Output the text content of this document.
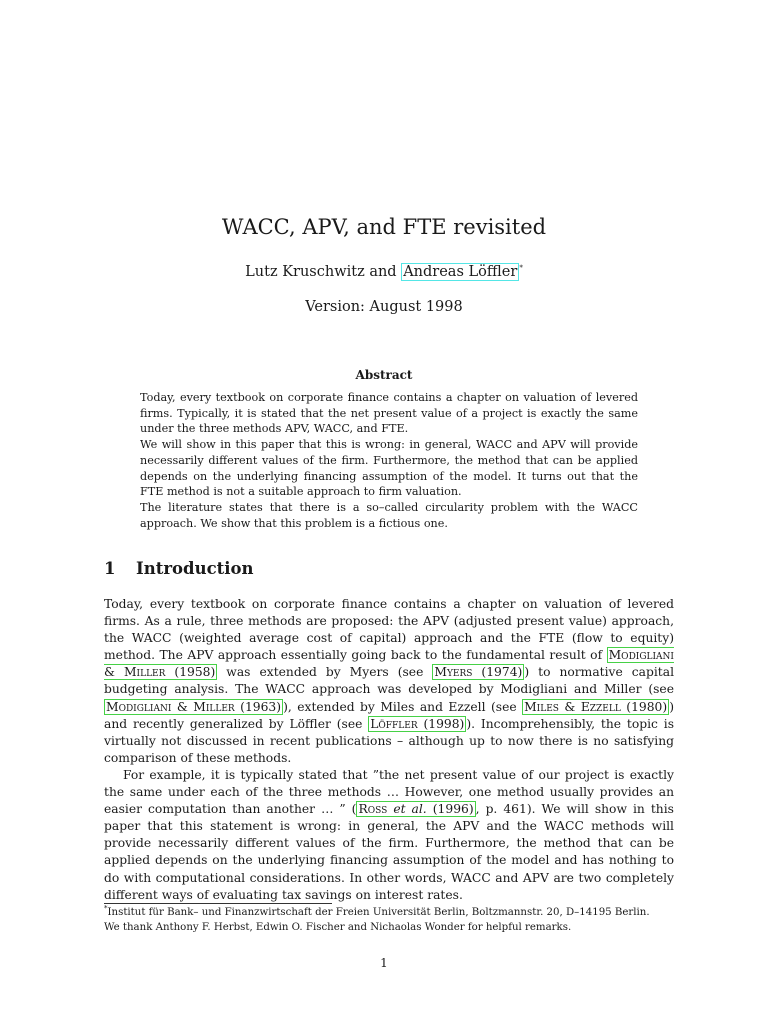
WACC, APV, and FTE revisited
Lutz Kruschwitz and Andreas Löffler *
Version: August 1998
Abstract

Today, every textbook on corporate finance contains a chapter on valuation of levered firms. Typically, it is stated that the net present value of a project is exactly the same under the three methods APV, WACC, and FTE.

We will show in this paper that this is wrong: in general, WACC and APV will provide necessarily different values of the firm. Furthermore, the method that can be applied depends on the underlying financing assumption of the model. It turns out that the FTE method is not a suitable approach to firm valuation.

The literature states that there is a so–called circularity problem with the WACC approach. We show that this problem is a fictious one.

1 Introduction

Today, every textbook on corporate finance contains a chapter on valuation of levered firms. As a rule, three methods are proposed: the APV (adjusted present value) approach, the WACC (weighted average cost of capital) approach and the FTE (flow to equity) method. The APV approach essentially going back to the fundamental result of Modigliani & Miller (1958) was extended by Myers (see Myers (1974) ) to normative capital budgeting analysis. The WACC approach was developed by Modigliani and Miller (see Modigliani & Miller (1963) ), extended by Miles and Ezzell (see Miles & Ezzell (1980) ) and recently generalized by Löffler (see Löffler (1998) ). Incomprehensibly, the topic is virtually not discussed in recent publications – although up to now there is no satisfying comparison of these methods.

For example, it is typically stated that ”the net present value of our project is exactly the same under each of the three methods … However, one method usually provides an easier computation than another … ” ( Ross et al. (1996) , p. 461). We will show in this paper that this statement is wrong: in general, the APV and the WACC methods will provide necessarily different values of the firm. Furthermore, the method that can be applied depends on the underlying financing assumption of the model and has nothing to do with computational considerations. In other words, WACC and APV are two completely different ways of evaluating tax savings on interest rates.

*Institut für Bank– und Finanzwirtschaft der Freien Universität Berlin, Boltzmannstr. 20, D–14195 Berlin.

We thank Anthony F. Herbst, Edwin O. Fischer and Nichaolas Wonder for helpful remarks.

1
